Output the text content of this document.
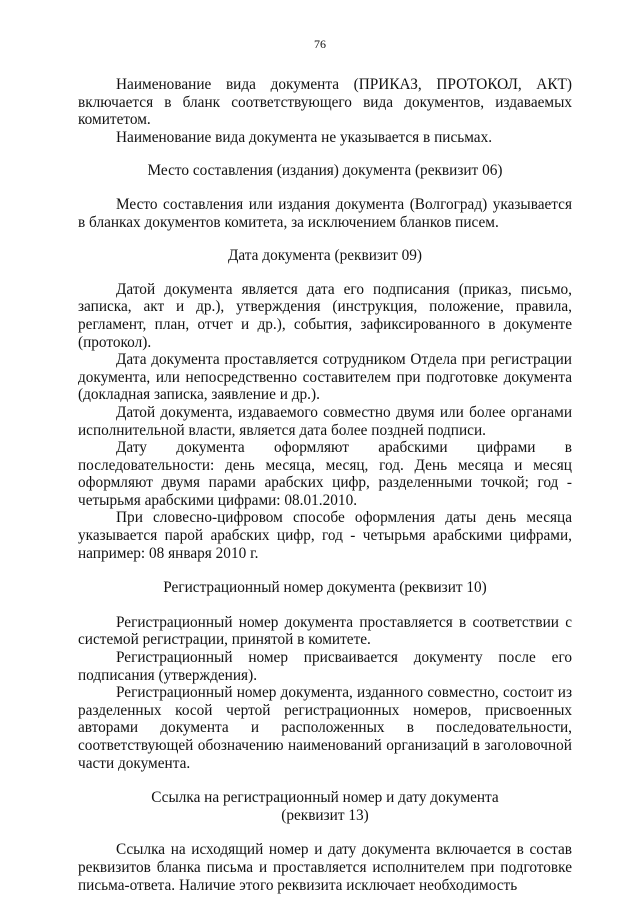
76

Наименование вида документа (ПРИКАЗ, ПРОТОКОЛ, АКТ) включается в бланк соответствующего вида документов, издаваемых комитетом.

Наименование вида документа не указывается в письмах.

Место составления (издания) документа (реквизит 06)

Место составления или издания документа (Волгоград) указывается в бланках документов комитета, за исключением бланков писем.

Дата документа (реквизит 09)

Датой документа является дата его подписания (приказ, письмо, записка, акт и др.), утверждения (инструкция, положение, правила, регламент, план, отчет и др.), события, зафиксированного в документе (протокол).

Дата документа проставляется сотрудником Отдела при регистрации документа, или непосредственно составителем при подготовке документа (докладная записка, заявление и др.).

Датой документа, издаваемого совместно двумя или более органами исполнительной власти, является дата более поздней подписи.

Дату документа оформляют арабскими цифрами в последовательности: день месяца, месяц, год. День месяца и месяц оформляют двумя парами арабских цифр, разделенными точкой; год - четырьмя арабскими цифрами: 08.01.2010.

При словесно-цифровом способе оформления даты день месяца указывается парой арабских цифр, год - четырьмя арабскими цифрами, например: 08 января 2010 г.

Регистрационный номер документа (реквизит 10)

Регистрационный номер документа проставляется в соответствии с системой регистрации, принятой в комитете.

Регистрационный номер присваивается документу после его подписания (утверждения).

Регистрационный номер документа, изданного совместно, состоит из разделенных косой чертой регистрационных номеров, присвоенных авторами документа и расположенных в последовательности, соответствующей обозначению наименований организаций в заголовочной части документа.

Ссылка на регистрационный номер и дату документа
(реквизит 13)

Ссылка на исходящий номер и дату документа включается в состав реквизитов бланка письма и проставляется исполнителем при подготовке письма-ответа. Наличие этого реквизита исключает необходимость
